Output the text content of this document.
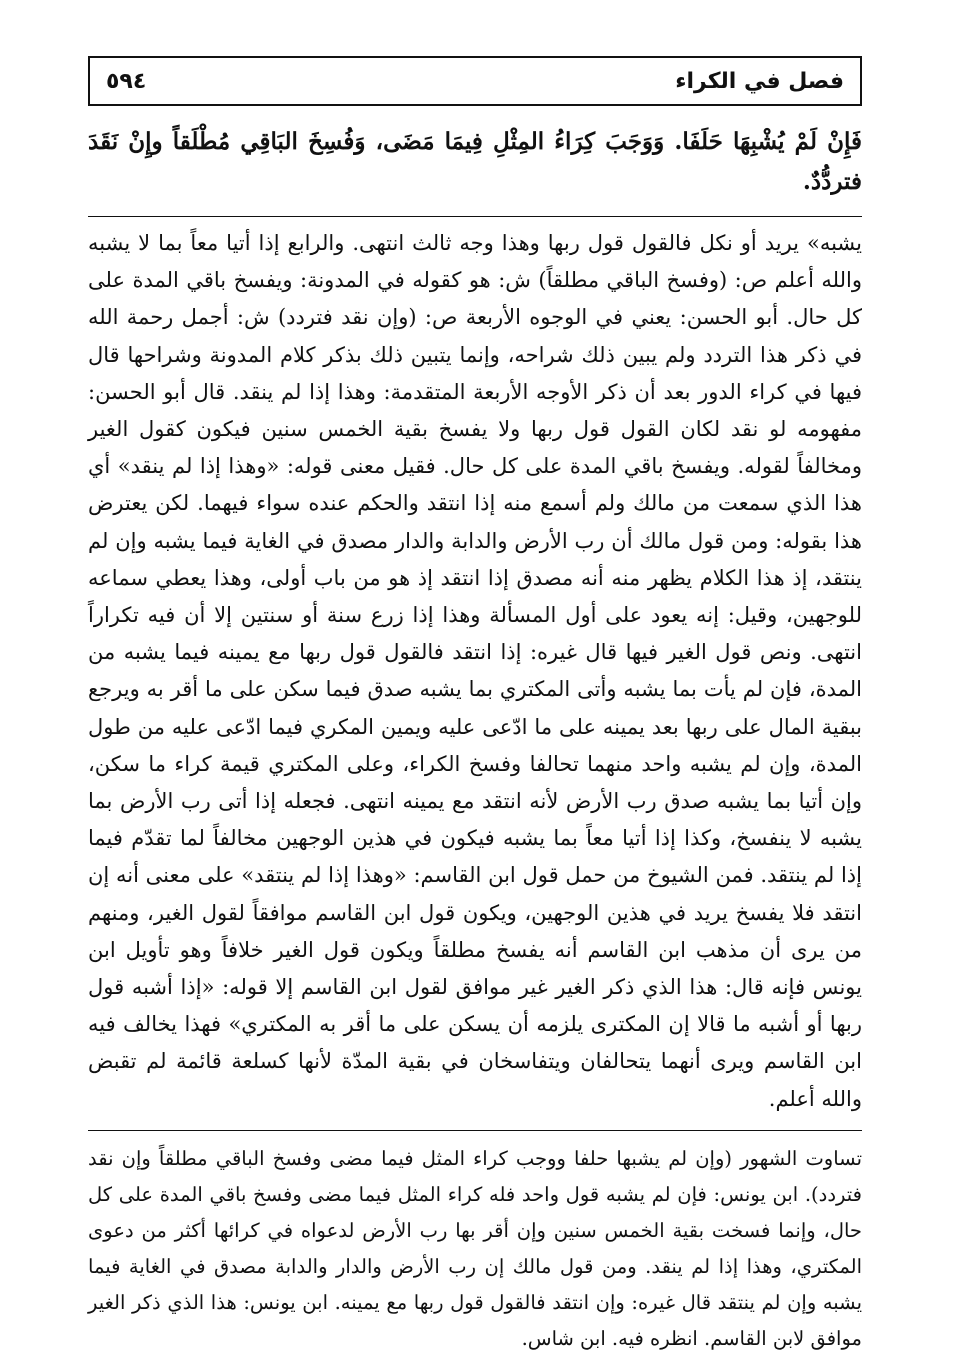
فصل في الكراء
٥٩٤
فَإِنْ لَمْ يُشْبِهَا حَلَفَا. وَوَجَبَ كِرَاءُ المِثْلِ فِيمَا مَضَى، وَفُسِخَ البَاقِي مُطْلَقاً وإِنْ نَقَدَ فتردُّدٌ.

يشبه» يريد أو نكل فالقول قول ربها وهذا وجه ثالث انتهى. والرابع إذا أتيا معاً بما لا يشبه والله أعلم ص: (وفسخ الباقي مطلقاً) ش: هو كقوله في المدونة: ويفسخ باقي المدة على كل حال. أبو الحسن: يعني في الوجوه الأربعة ص: (وإن نقد فتردد) ش: أجمل رحمة الله في ذكر هذا التردد ولم يبين ذلك شراحه، وإنما يتبين ذلك بذكر كلام المدونة وشراحها قال فيها في كراء الدور بعد أن ذكر الأوجه الأربعة المتقدمة: وهذا إذا لم ينقد. قال أبو الحسن: مفهومه لو نقد لكان القول قول ربها ولا يفسخ بقية الخمس سنين فيكون كقول الغير ومخالفاً لقوله. ويفسخ باقي المدة على كل حال. فقيل معنى قوله: «وهذا إذا لم ينقد» أي هذا الذي سمعت من مالك ولم أسمع منه إذا انتقد والحكم عنده سواء فيهما. لكن يعترض هذا بقوله: ومن قول مالك أن رب الأرض والدابة والدار مصدق في الغاية فيما يشبه وإن لم ينتقد، إذ هذا الكلام يظهر منه أنه مصدق إذا انتقد إذ هو من باب أولى، وهذا يعطي سماعه للوجهين، وقيل: إنه يعود على أول المسألة وهذا إذا زرع سنة أو سنتين إلا أن فيه تكراراً انتهى. ونص قول الغير فيها قال غيره: إذا انتقد فالقول قول ربها مع يمينه فيما يشبه من المدة، فإن لم يأت بما يشبه وأتى المكتري بما يشبه صدق فيما سكن على ما أقر به ويرجع ببقية المال على ربها بعد يمينه على ما ادّعى عليه ويمين المكري فيما ادّعى عليه من طول المدة، وإن لم يشبه واحد منهما تحالفا وفسخ الكراء، وعلى المكتري قيمة كراء ما سكن، وإن أتيا بما يشبه صدق رب الأرض لأنه انتقد مع يمينه انتهى. فجعله إذا أتى رب الأرض بما يشبه لا ينفسخ، وكذا إذا أتيا معاً بما يشبه فيكون في هذين الوجهين مخالفاً لما تقدّم فيما إذا لم ينتقد. فمن الشيوخ من حمل قول ابن القاسم: «وهذا إذا لم ينتقد» على معنى أنه إن انتقد فلا يفسخ يريد في هذين الوجهين، ويكون قول ابن القاسم موافقاً لقول الغير، ومنهم من يرى أن مذهب ابن القاسم أنه يفسخ مطلقاً ويكون قول الغير خلافاً وهو تأويل ابن يونس فإنه قال: هذا الذي ذكر الغير غير موافق لقول ابن القاسم إلا قوله: «إذا أشبه قول ربها أو أشبه ما قالا إن المكترى يلزمه أن يسكن على ما أقر به المكتري» فهذا يخالف فيه ابن القاسم ويرى أنهما يتحالفان ويتفاسخان في بقية المدّة لأنها كسلعة قائمة لم تقبض والله أعلم.

تساوت الشهور (وإن لم يشبها حلفا ووجب كراء المثل فيما مضى وفسخ الباقي مطلقاً وإن نقد فتردد). ابن يونس: فإن لم يشبه قول واحد فله كراء المثل فيما مضى وفسخ باقي المدة على كل حال، وإنما فسخت بقية الخمس سنين وإن أقر بها رب الأرض لدعواه في كرائها أكثر من دعوى المكتري، وهذا إذا لم ينقد. ومن قول مالك إن رب الأرض والدار والدابة مصدق في الغاية فيما يشبه وإن لم ينتقد قال غيره: وإن انتقد فالقول قول ربها مع يمينه. ابن يونس: هذا الذي ذكر الغير موافق لابن القاسم. انظره فيه. ابن شاس.
